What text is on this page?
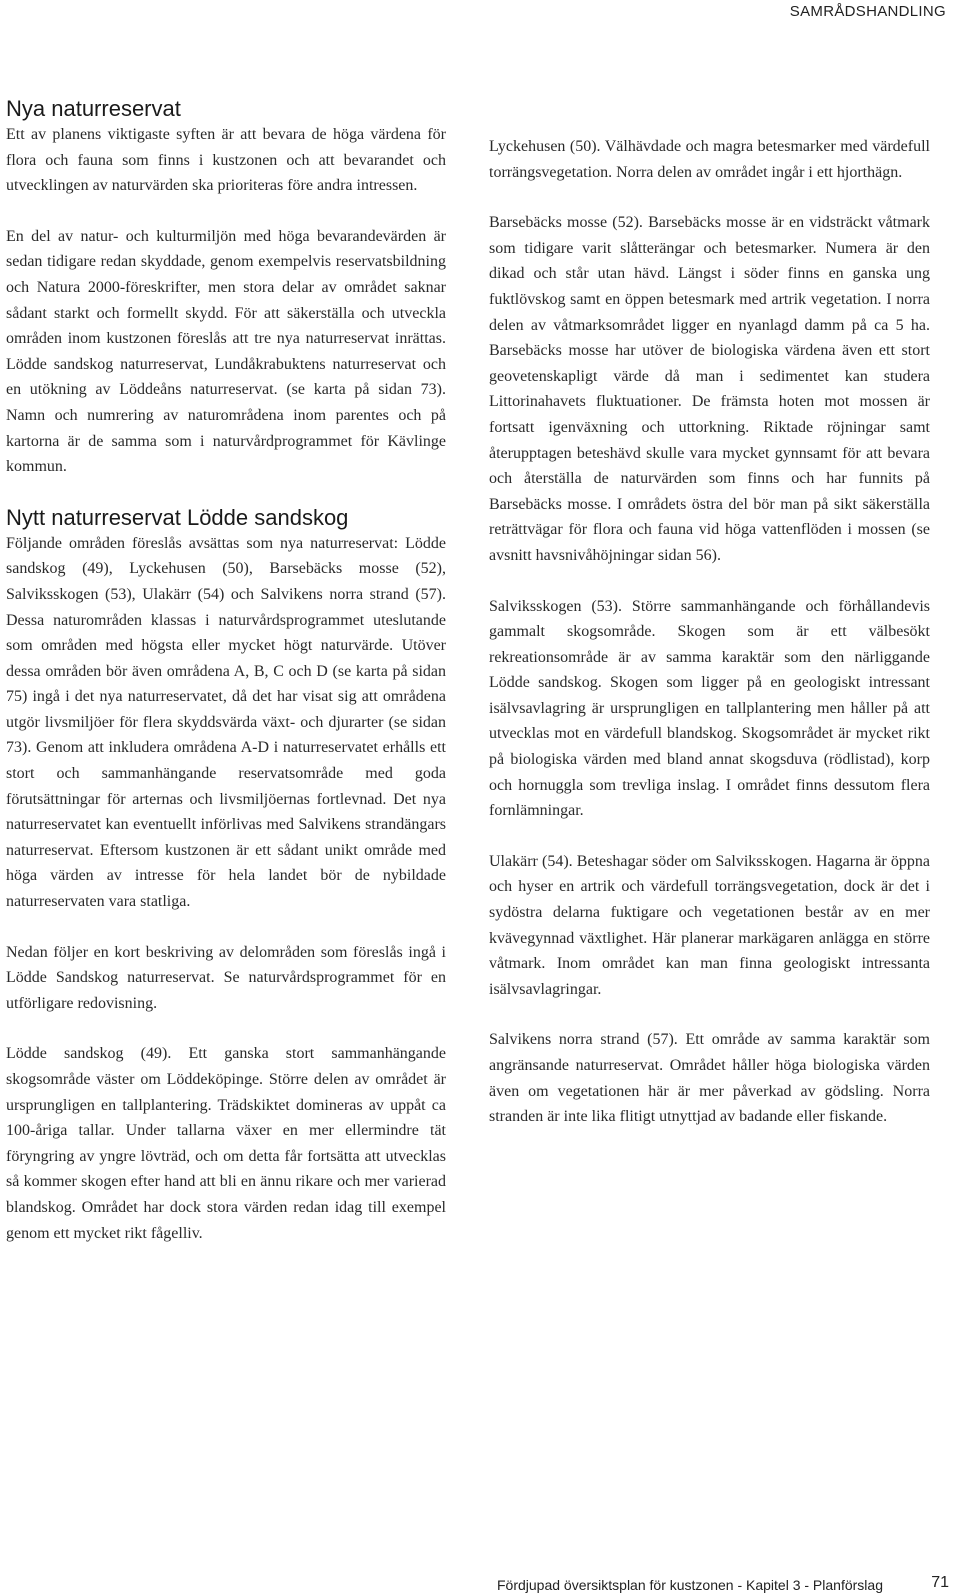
SAMRÅDSHANDLING
Nya naturreservat

Ett av planens viktigaste syften är att bevara de höga värdena för flora och fauna som finns i kustzonen och att bevarandet och utvecklingen av naturvärden ska prioriteras före andra intressen.

En del av natur- och kulturmiljön med höga bevarandevärden är sedan tidigare redan skyddade, genom exempelvis reservatsbildning och Natura 2000-föreskrifter, men stora delar av området saknar sådant starkt och formellt skydd. För att säkerställa och utveckla områden inom kustzonen föreslås att tre nya naturreservat inrättas. Lödde sandskog naturreservat, Lundåkrabuktens naturreservat och en utökning av Löddeåns naturreservat. (se karta på sidan 73). Namn och numrering av naturområdena inom parentes och på kartorna är de samma som i naturvårdprogrammet för Kävlinge kommun.

Nytt naturreservat Lödde sandskog

Följande områden föreslås avsättas som nya naturreservat: Lödde sandskog (49), Lyckehusen (50), Barsebäcks mosse (52), Salviksskogen (53), Ulakärr (54) och Salvikens norra strand (57). Dessa naturområden klassas i naturvårdsprogrammet uteslutande som områden med högsta eller mycket högt naturvärde. Utöver dessa områden bör även områdena A, B, C och D (se karta på sidan 75) ingå i det nya naturreservatet, då det har visat sig att områdena utgör livsmiljöer för flera skyddsvärda växt- och djurarter (se sidan 73). Genom att inkludera områdena A-D i naturreservatet erhålls ett stort och sammanhängande reservatsområde med goda förutsättningar för arternas och livsmiljöernas fortlevnad. Det nya naturreservatet kan eventuellt införlivas med Salvikens strandängars naturreservat. Eftersom kustzonen är ett sådant unikt område med höga värden av intresse för hela landet bör de nybildade naturreservaten vara statliga.

Nedan följer en kort beskriving av delområden som föreslås ingå i Lödde Sandskog naturreservat. Se naturvårdsprogrammet för en utförligare redovisning.

Lödde sandskog (49). Ett ganska stort sammanhängande skogsområde väster om Löddeköpinge. Större delen av området är ursprungligen en tallplantering. Trädskiktet domineras av uppåt ca 100-åriga tallar. Under tallarna växer en mer ellermindre tät föryngring av yngre lövträd, och om detta får fortsätta att utvecklas så kommer skogen efter hand att bli en ännu rikare och mer varierad blandskog. Området har dock stora värden redan idag till exempel genom ett mycket rikt fågelliv.

Lyckehusen (50). Välhävdade och magra betesmarker med värdefull torrängsvegetation. Norra delen av området ingår i ett hjorthägn.

Barsebäcks mosse (52). Barsebäcks mosse är en vidsträckt våtmark som tidigare varit slåtterängar och betesmarker. Numera är den dikad och står utan hävd. Längst i söder finns en ganska ung fuktlövskog samt en öppen betesmark med artrik vegetation. I norra delen av våtmarksområdet ligger en nyanlagd damm på ca 5 ha. Barsebäcks mosse har utöver de biologiska värdena även ett stort geovetenskapligt värde då man i sedimentet kan studera Littorinahavets fluktuationer. De främsta hoten mot mossen är fortsatt igenväxning och uttorkning. Riktade röjningar samt återupptagen beteshävd skulle vara mycket gynnsamt för att bevara och återställa de naturvärden som finns och har funnits på Barsebäcks mosse. I områdets östra del bör man på sikt säkerställa reträttvägar för flora och fauna vid höga vattenflöden i mossen (se avsnitt havsnivåhöjningar sidan 56).

Salviksskogen (53). Större sammanhängande och förhållandevis gammalt skogsområde. Skogen som är ett välbesökt rekreationsområde är av samma karaktär som den närliggande Lödde sandskog. Skogen som ligger på en geologiskt intressant isälvsavlagring är ursprungligen en tallplantering men håller på att utvecklas mot en värdefull blandskog. Skogsområdet är mycket rikt på biologiska värden med bland annat skogsduva (rödlistad), korp och hornuggla som trevliga inslag. I området finns dessutom flera fornlämningar.

Ulakärr (54). Beteshagar söder om Salviksskogen. Hagarna är öppna och hyser en artrik och värdefull torrängsvegetation, dock är det i sydöstra delarna fuktigare och vegetationen består av en mer kvävegynnad växtlighet. Här planerar markägaren anlägga en större våtmark. Inom området kan man finna geologiskt intressanta isälvsavlagringar.

Salvikens norra strand (57). Ett område av samma karaktär som angränsande naturreservat. Området håller höga biologiska värden även om vegetationen här är mer påverkad av gödsling. Norra stranden är inte lika flitigt utnyttjad av badande eller fiskande.

Fördjupad översiktsplan för kustzonen - Kapitel 3 - Planförslag	71
